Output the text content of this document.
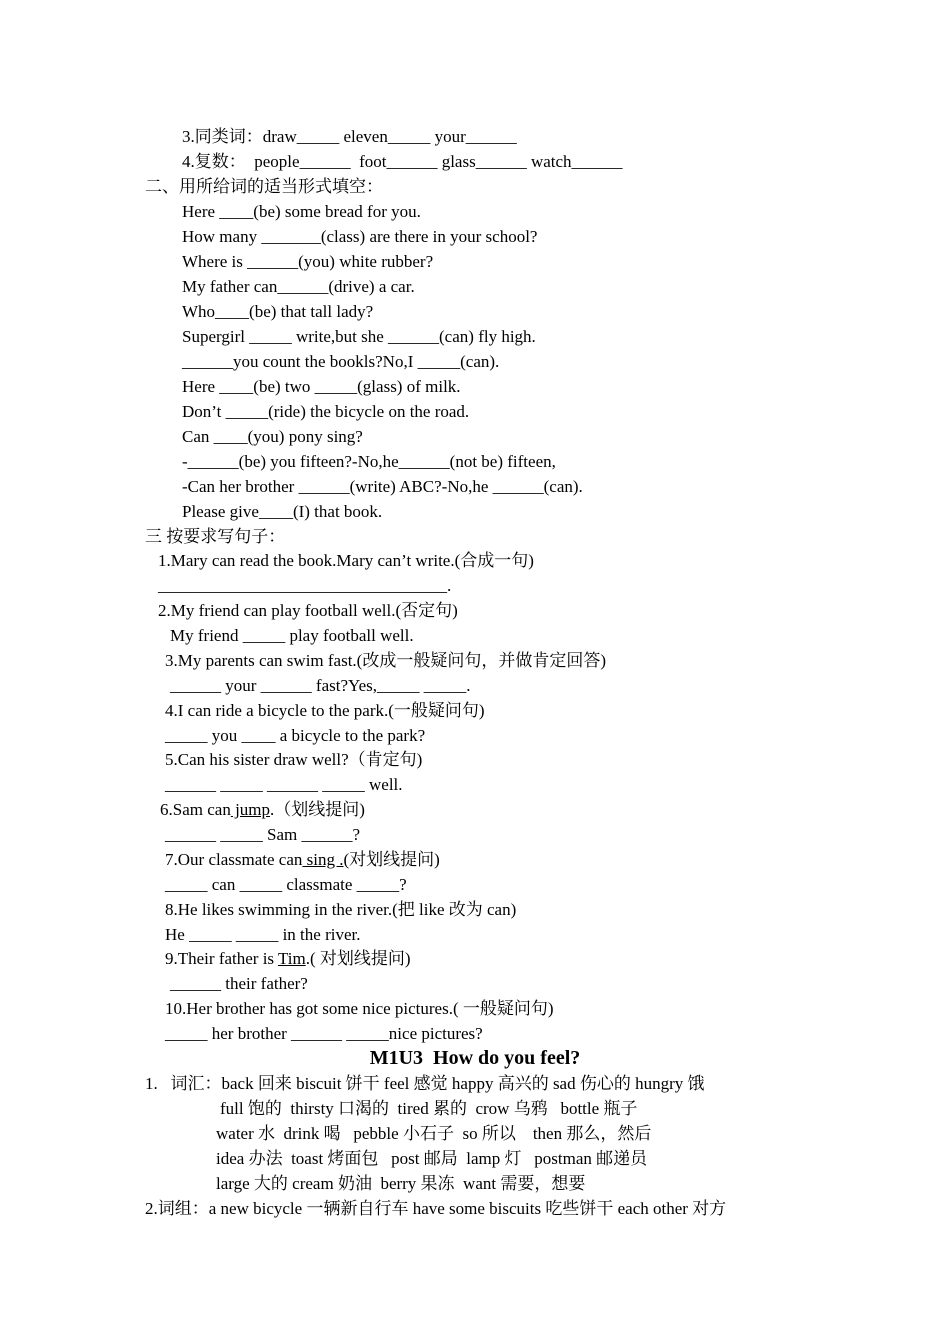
3.同类词：draw_____ eleven_____ your______
4.复数：  people______  foot______ glass______ watch______
二、用所给词的适当形式填空：
Here ____(be) some bread for you.
How many _______(class) are there in your school?
Where is ______(you) white rubber?
My father can______(drive) a car.
Who____(be) that tall lady?
Supergirl _____ write,but she ______(can) fly high.
______you count the bookls?No,I _____(can).
Here ____(be) two _____(glass) of milk.
Don’t _____(ride) the bicycle on the road.
Can ____(you) pony sing?
-______(be) you fifteen?-No,he______(not be) fifteen,
-Can her brother ______(write) ABC?-No,he ______(can).
Please give____(I) that book.
三 按要求写句子：
1.Mary can read the book.Mary can’t write.(合成一句)
__________________________________.
2.My friend can play football well.(否定句)
My friend _____ play football well.
3.My parents can swim fast.(改成一般疑问句，并做肯定回答)
______ your ______ fast?Yes,_____ _____.
4.I can ride a bicycle to the park.(一般疑问句)
_____ you ____ a bicycle to the park?
5.Can his sister draw well?（肯定句)
______ _____ ______ _____ well.
6.Sam can jump.（划线提问)
______ _____ Sam ______?
7.Our classmate can sing .(对划线提问)
_____ can _____ classmate _____?
8.He likes swimming in the river.(把 like 改为 can)
He _____ _____ in the river.
9.Their father is Tim.( 对划线提问)
______ their father?
10.Her brother has got some nice pictures.( 一般疑问句)
_____ her brother ______ _____nice pictures?
M1U3  How do you feel?
1.   词汇：back 回来 biscuit 饼干 feel 感觉 happy 高兴的 sad 伤心的 hungry 饿
full 饱的  thirsty 口渴的  tired 累的  crow 乌鸦   bottle 瓶子
water 水  drink 喝   pebble 小石子  so 所以    then 那么，然后
idea 办法  toast 烤面包   post 邮局  lamp 灯   postman 邮递员
large 大的 cream 奶油  berry 果冻  want 需要，想要
2.词组：a new bicycle 一辆新自行车 have some biscuits 吃些饼干 each other 对方
